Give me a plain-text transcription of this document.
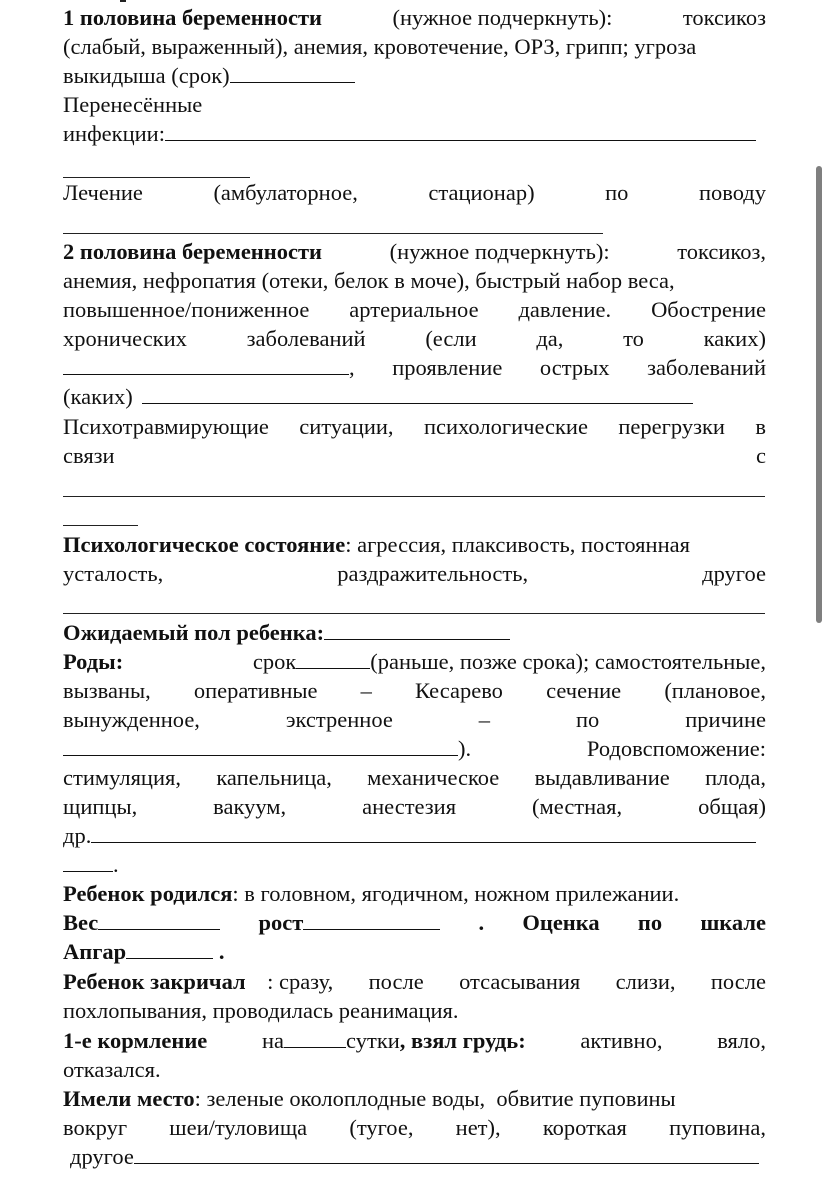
1 половина беременности	(нужное подчеркнуть):	токсикоз
(слабый, выраженный), анемия, кровотечение, ОРЗ, грипп; угроза
выкидыша (срок)
Перенесённые
инфекции:
Лечение	(амбулаторное,	стационар)	по	поводу
2 половина беременности	(нужное подчеркнуть):	токсикоз,
анемия, нефропатия (отеки, белок в моче), быстрый набор веса,
повышенное/пониженное артериальное давление. Обострение
хронических	заболеваний	(если	да,	то	каких)
, проявление острых заболеваний
(каких)
Психотравмирующие ситуации, психологические перегрузки в
связи	с
Психологическое состояние : агрессия, плаксивость, постоянная
усталость,	раздражительность,	другое
Ожидаемый пол ребенка:
Роды:	срок	(раньше, позже срока); самостоятельные,
вызваны, оперативные – Кесарево сечение (плановое,
вынужденное,	экстренное	–	по	причине
).	Родовспоможение:
стимуляция, капельница, механическое выдавливание плода,
щипцы,	вакуум,	анестезия	(местная,	общая)
др.
.
Ребенок родился : в головном, ягодичном, ножном прилежании.
Вес	рост	. Оценка по шкале
Апгар
	.
Ребенок закричал : сразу, после отсасывания слизи, после
похлопывания, проводилась реанимация.
1-е кормление на	сутки, взял грудь: активно, вяло,
отказался.
Имели место : зеленые околоплодные воды,  обвитие пуповины
вокруг шеи/туловища (тугое, нет), короткая пуповина,
другое
